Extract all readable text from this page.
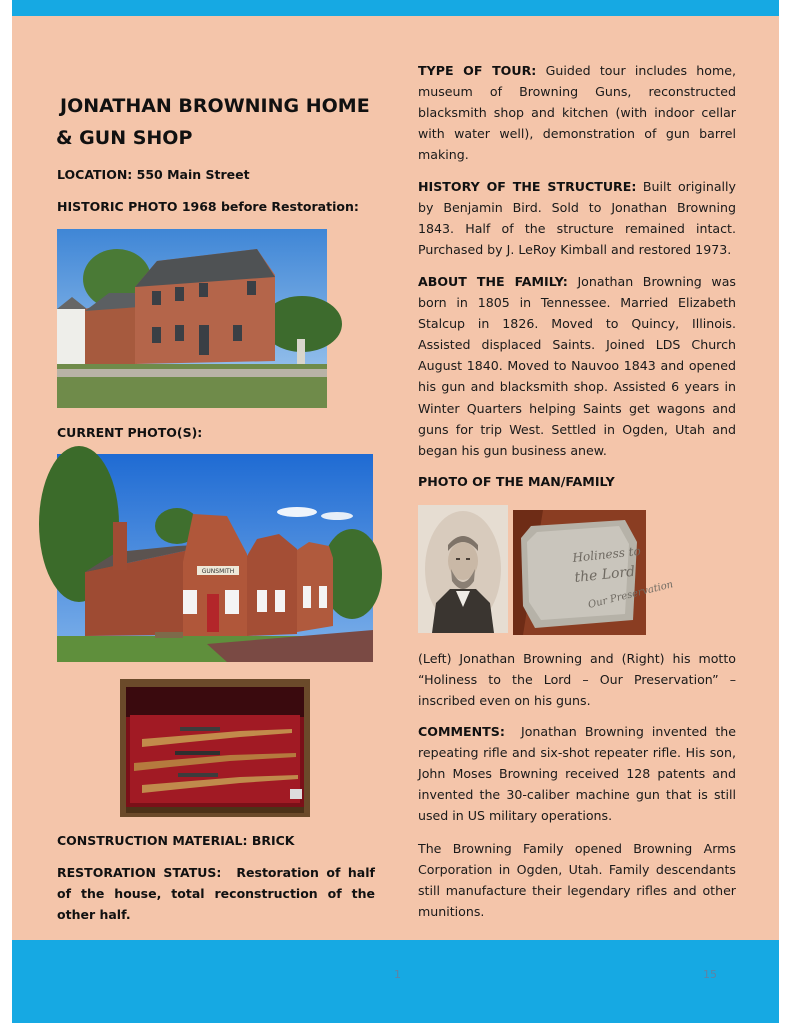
JONATHAN BROWNING HOME
& GUN SHOP
LOCATION: 550 Main Street
HISTORIC PHOTO 1968 before Restoration:
CURRENT PHOTO(S):
GUNSMITH
CONSTRUCTION MATERIAL: BRICK
RESTORATION STATUS: Restoration of half of the house, total reconstruction of the other half.
TYPE OF TOUR: Guided tour includes home, museum of Browning Guns, reconstructed blacksmith shop and kitchen (with indoor cellar with water well), demonstration of gun barrel making.
HISTORY OF THE STRUCTURE: Built originally by Benjamin Bird. Sold to Jonathan Browning 1843. Half of the structure remained intact. Purchased by J. LeRoy Kimball and restored 1973.
ABOUT THE FAMILY: Jonathan Browning was born in 1805 in Tennessee. Married Elizabeth Stalcup in 1826. Moved to Quincy, Illinois. Assisted displaced Saints. Joined LDS Church August 1840. Moved to Nauvoo 1843 and opened his gun and blacksmith shop. Assisted 6 years in Winter Quarters helping Saints get wagons and guns for trip West. Settled in Ogden, Utah and began his gun business anew.
PHOTO OF THE MAN/FAMILY
Holiness to
the Lord
Our Preservation
(Left) Jonathan Browning and (Right) his motto “Holiness to the Lord – Our Preservation” – inscribed even on his guns.
COMMENTS: Jonathan Browning invented the repeating rifle and six-shot repeater rifle. His son, John Moses Browning received 128 patents and invented the 30-caliber machine gun that is still used in US military operations.
The Browning Family opened Browning Arms Corporation in Ogden, Utah. Family descendants still manufacture their legendary rifles and other munitions.
1	15
